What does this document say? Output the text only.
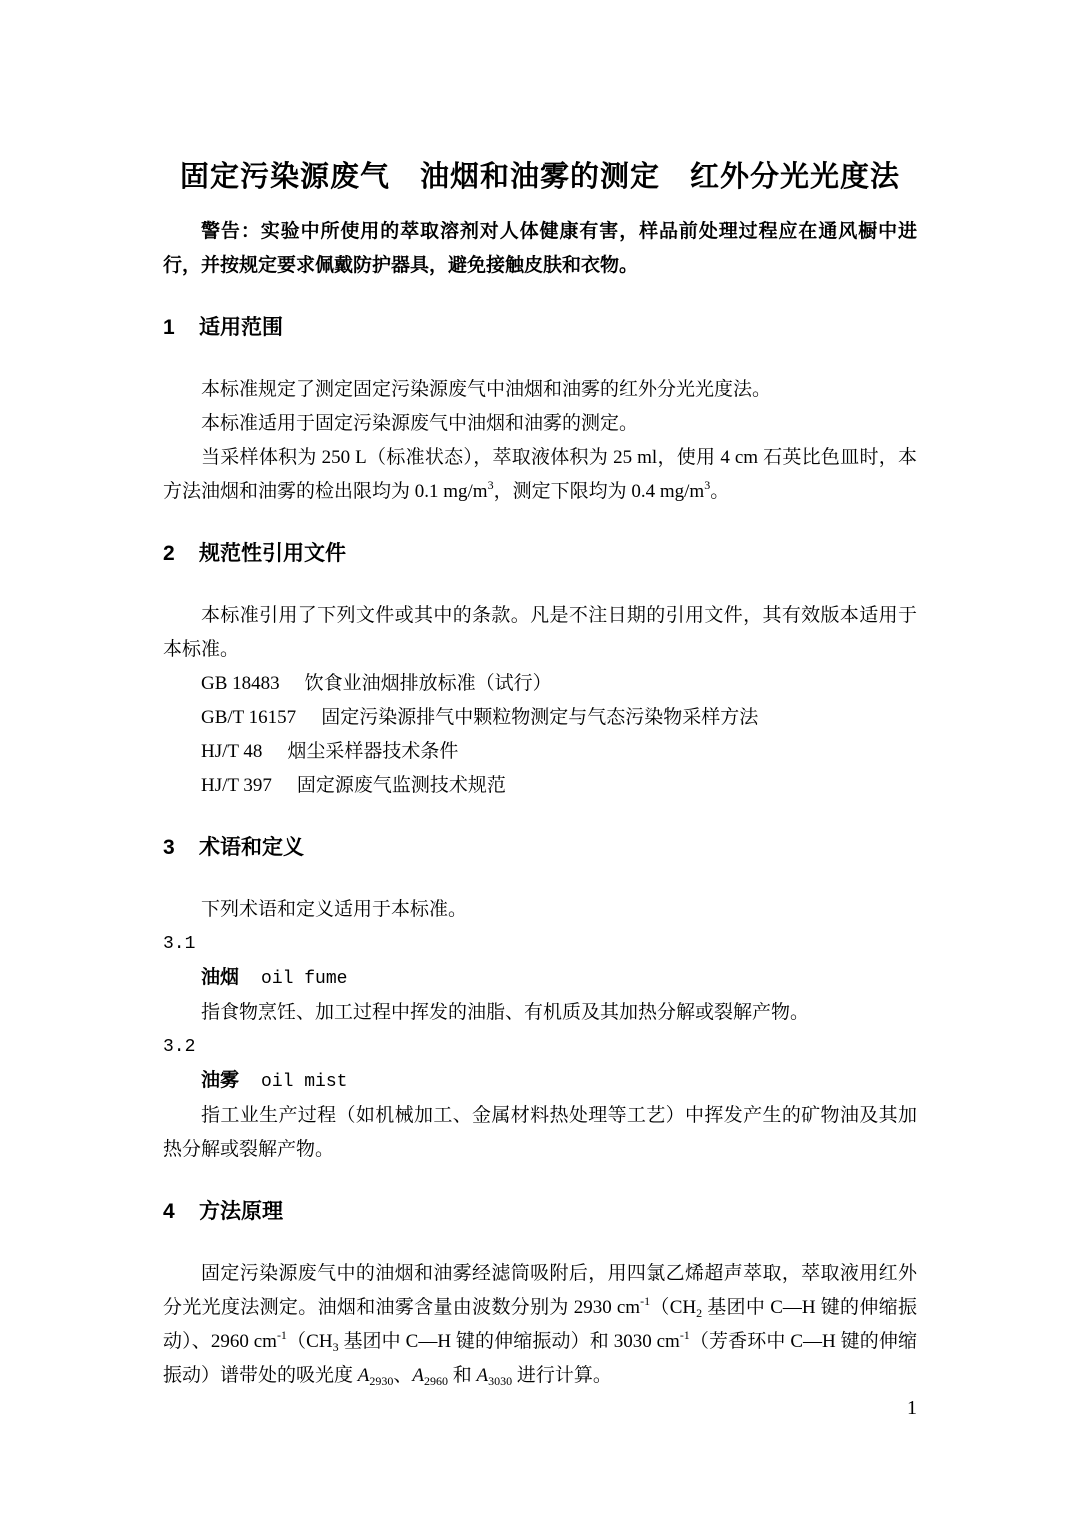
固定污染源废气　油烟和油雾的测定　红外分光光度法

警告：实验中所使用的萃取溶剂对人体健康有害，样品前处理过程应在通风橱中进行，并按规定要求佩戴防护器具，避免接触皮肤和衣物。

1 适用范围

本标准规定了测定固定污染源废气中油烟和油雾的红外分光光度法。

本标准适用于固定污染源废气中油烟和油雾的测定。

当采样体积为 250 L（标准状态），萃取液体积为 25 ml，使用 4 cm 石英比色皿时，本方法油烟和油雾的检出限均为 0.1 $mg/m^3$，测定下限均为 0.4 $mg/m^3$。

2 规范性引用文件

本标准引用了下列文件或其中的条款。凡是不注日期的引用文件，其有效版本适用于本标准。

GB 18483 饮食业油烟排放标准（试行）

GB/T 16157 固定污染源排气中颗粒物测定与气态污染物采样方法

HJ/T 48 烟尘采样器技术条件

HJ/T 397 固定源废气监测技术规范

3 术语和定义

下列术语和定义适用于本标准。

3.1

油烟 oil fume

指食物烹饪、加工过程中挥发的油脂、有机质及其加热分解或裂解产物。

3.2

油雾 oil mist

指工业生产过程（如机械加工、金属材料热处理等工艺）中挥发产生的矿物油及其加热分解或裂解产物。

4 方法原理

固定污染源废气中的油烟和油雾经滤筒吸附后，用四氯乙烯超声萃取，萃取液用红外分光光度法测定。油烟和油雾含量由波数分别为 2930 $cm^{-1}(CH_2$ 基团中 C—H 键的伸缩振动）、2960 $cm^{-1}(CH_3$ 基团中 C—H 键的伸缩振动）和 3030 $cm^{-1}$（芳香环中 C—H 键的伸缩振动）谱带处的吸光度 $A_{2930}$、$A_{2960}$ 和 $A_{3030}$ 进行计算。

1
